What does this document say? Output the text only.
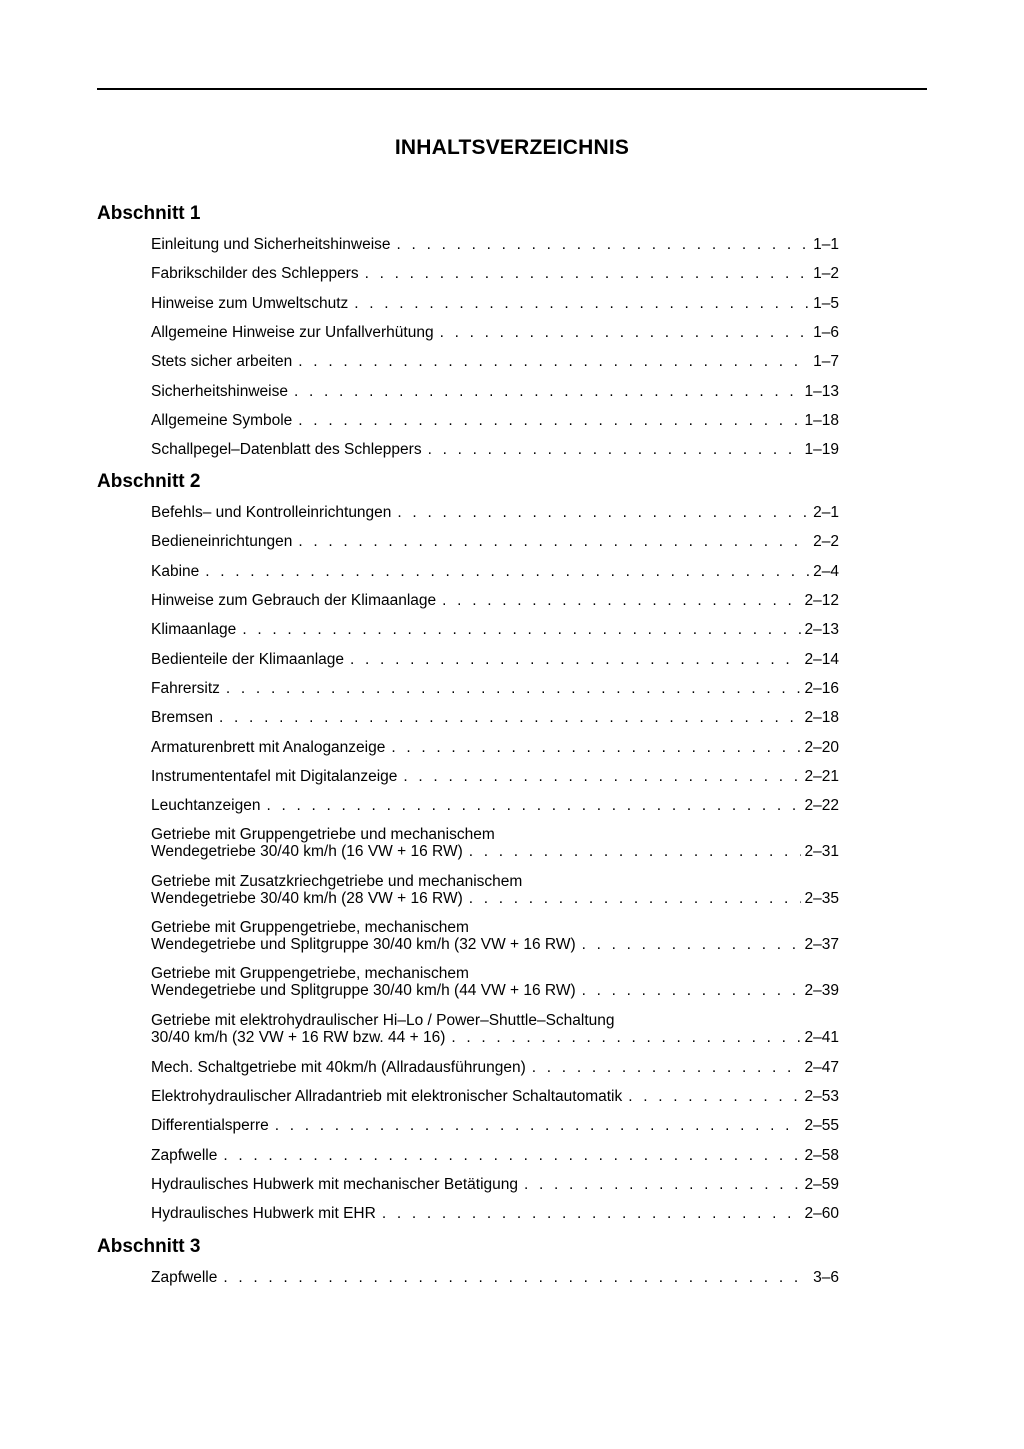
INHALTSVERZEICHNIS
Abschnitt 1
Einleitung und Sicherheitshinweise . . .	1–1
Fabrikschilder des Schleppers . . .	1–2
Hinweise zum Umweltschutz . . .	1–5
Allgemeine Hinweise zur Unfallverhütung . . .	1–6
Stets sicher arbeiten . . .	1–7
Sicherheitshinweise . . .	1–13
Allgemeine Symbole . . .	1–18
Schallpegel–Datenblatt des Schleppers . . .	1–19
Abschnitt 2
Befehls– und Kontrolleinrichtungen . . .	2–1
Bedieneinrichtungen . . .	2–2
Kabine . . .	2–4
Hinweise zum Gebrauch der Klimaanlage . . .	2–12
Klimaanlage . . .	2–13
Bedienteile der Klimaanlage . . .	2–14
Fahrersitz . . .	2–16
Bremsen . . .	2–18
Armaturenbrett mit Analoganzeige . . .	2–20
Instrumententafel mit Digitalanzeige . . .	2–21
Leuchtanzeigen . . .	2–22
Getriebe mit Gruppengetriebe und mechanischem
Wendegetriebe 30/40 km/h (16 VW + 16 RW) . . .	2–31
Getriebe mit Zusatzkriechgetriebe und mechanischem
Wendegetriebe 30/40 km/h (28 VW + 16 RW) . . .	2–35
Getriebe mit Gruppengetriebe, mechanischem
Wendegetriebe und Splitgruppe 30/40 km/h (32 VW + 16 RW) . . .	2–37
Getriebe mit Gruppengetriebe, mechanischem
Wendegetriebe und Splitgruppe 30/40 km/h (44 VW + 16 RW) . . .	2–39
Getriebe mit elektrohydraulischer Hi–Lo / Power–Shuttle–Schaltung
30/40 km/h (32 VW + 16 RW bzw. 44 + 16) . . .	2–41
Mech. Schaltgetriebe mit 40km/h (Allradausführungen) . . .	2–47
Elektrohydraulischer Allradantrieb mit elektronischer Schaltautomatik . . .	2–53
Differentialsperre . . .	2–55
Zapfwelle . . .	2–58
Hydraulisches Hubwerk mit mechanischer Betätigung . . .	2–59
Hydraulisches Hubwerk mit EHR . . .	2–60
Abschnitt 3
Zapfwelle . . .	3–6
